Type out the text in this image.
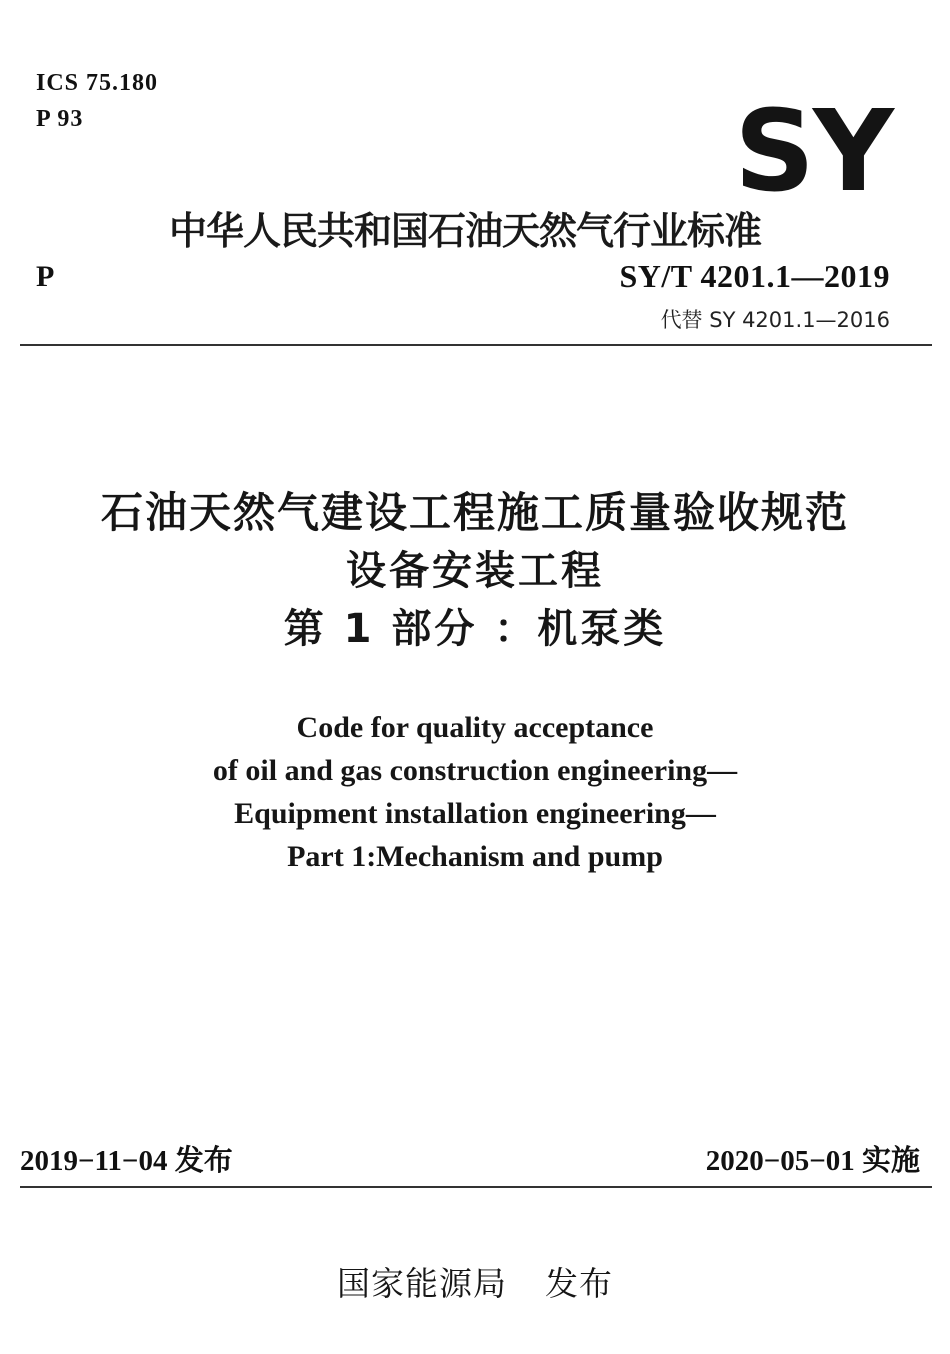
ICS 75.180
P 93	SY
中华人民共和国石油天然气行业标准
P	SY/T 4201.1—2019
代替 SY 4201.1—2016
石油天然气建设工程施工质量验收规范
设备安装工程
第 1 部分 ：机泵类
Code for quality acceptance
of oil and gas construction engineering—
Equipment installation engineering—
Part 1:Mechanism and pump
2019−11−04 发布	2020−05−01 实施
国家能源局 发布
